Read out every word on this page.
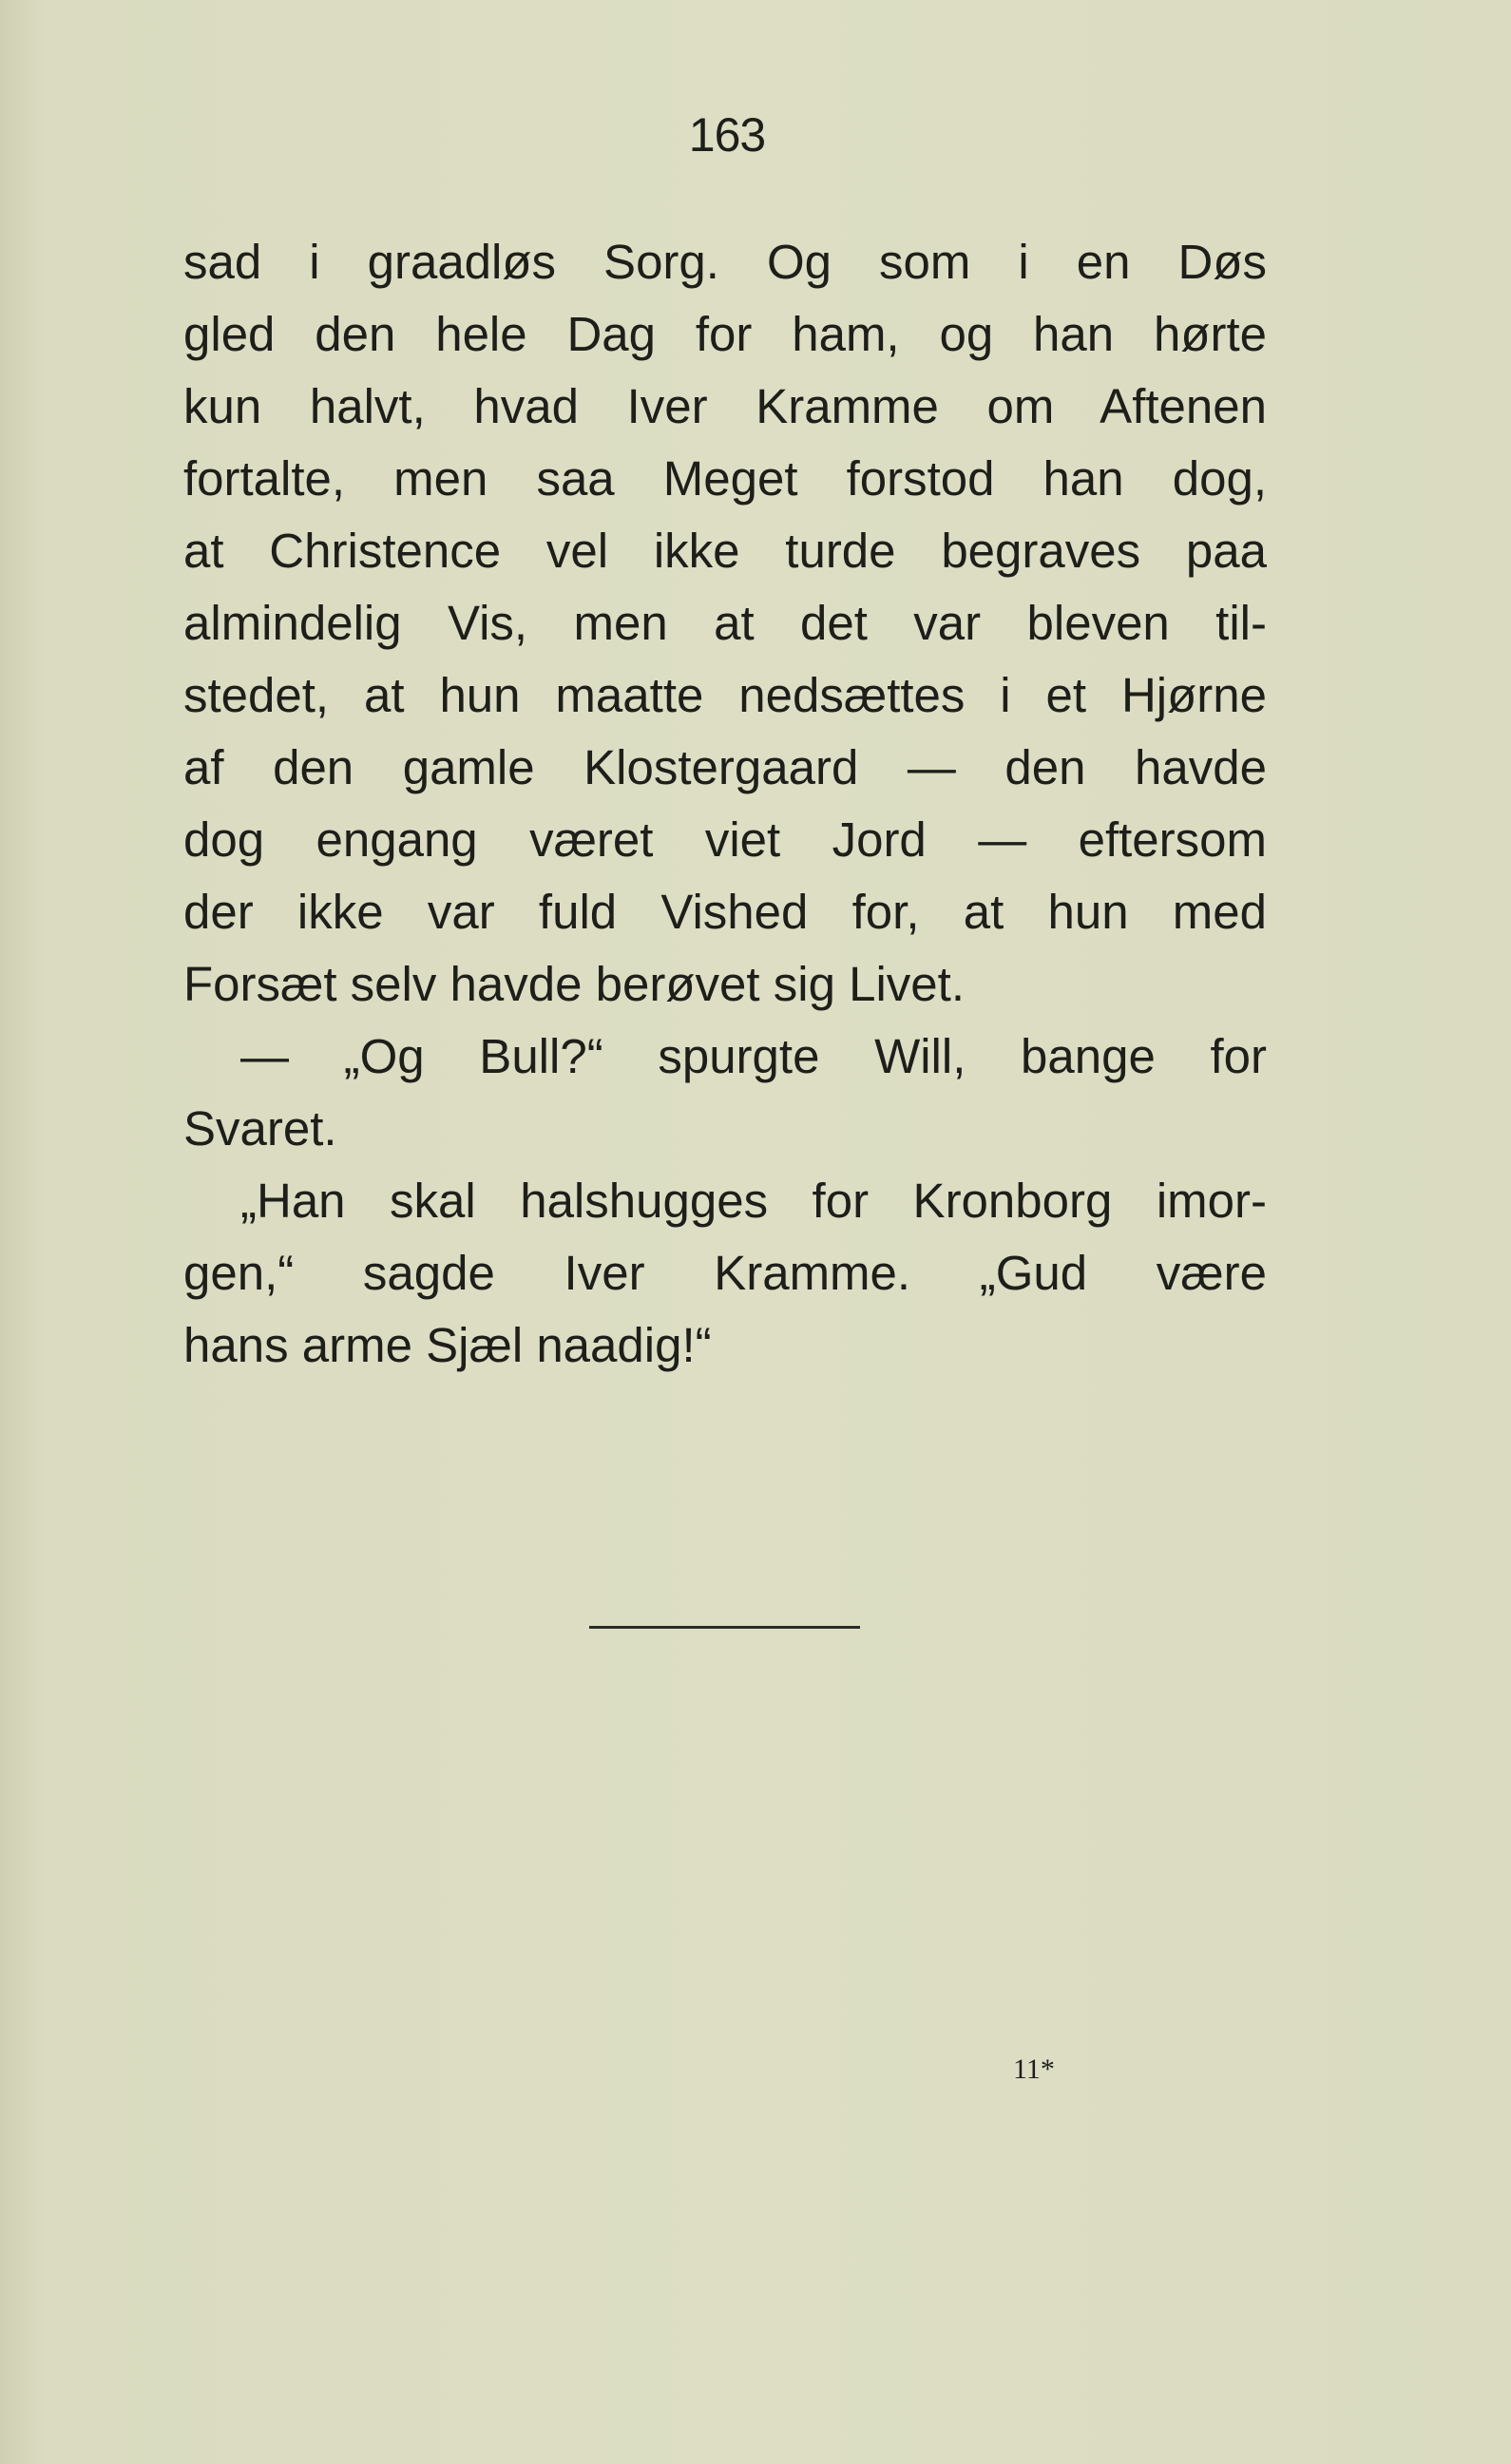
163
sad i graadløs Sorg. Og som i en Døs
gled den hele Dag for ham, og han hørte
kun halvt, hvad Iver Kramme om Aftenen
fortalte, men saa Meget forstod han dog,
at Christence vel ikke turde begraves paa
almindelig Vis, men at det var bleven til-
stedet, at hun maatte nedsættes i et Hjørne
af den gamle Klostergaard — den havde
dog engang været viet Jord — eftersom
der ikke var fuld Vished for, at hun med
Forsæt selv havde berøvet sig Livet.
— „Og Bull?“ spurgte Will, bange for
Svaret.
„Han skal halshugges for Kronborg imor-
gen,“ sagde Iver Kramme. „Gud være
hans arme Sjæl naadig!“
11*
